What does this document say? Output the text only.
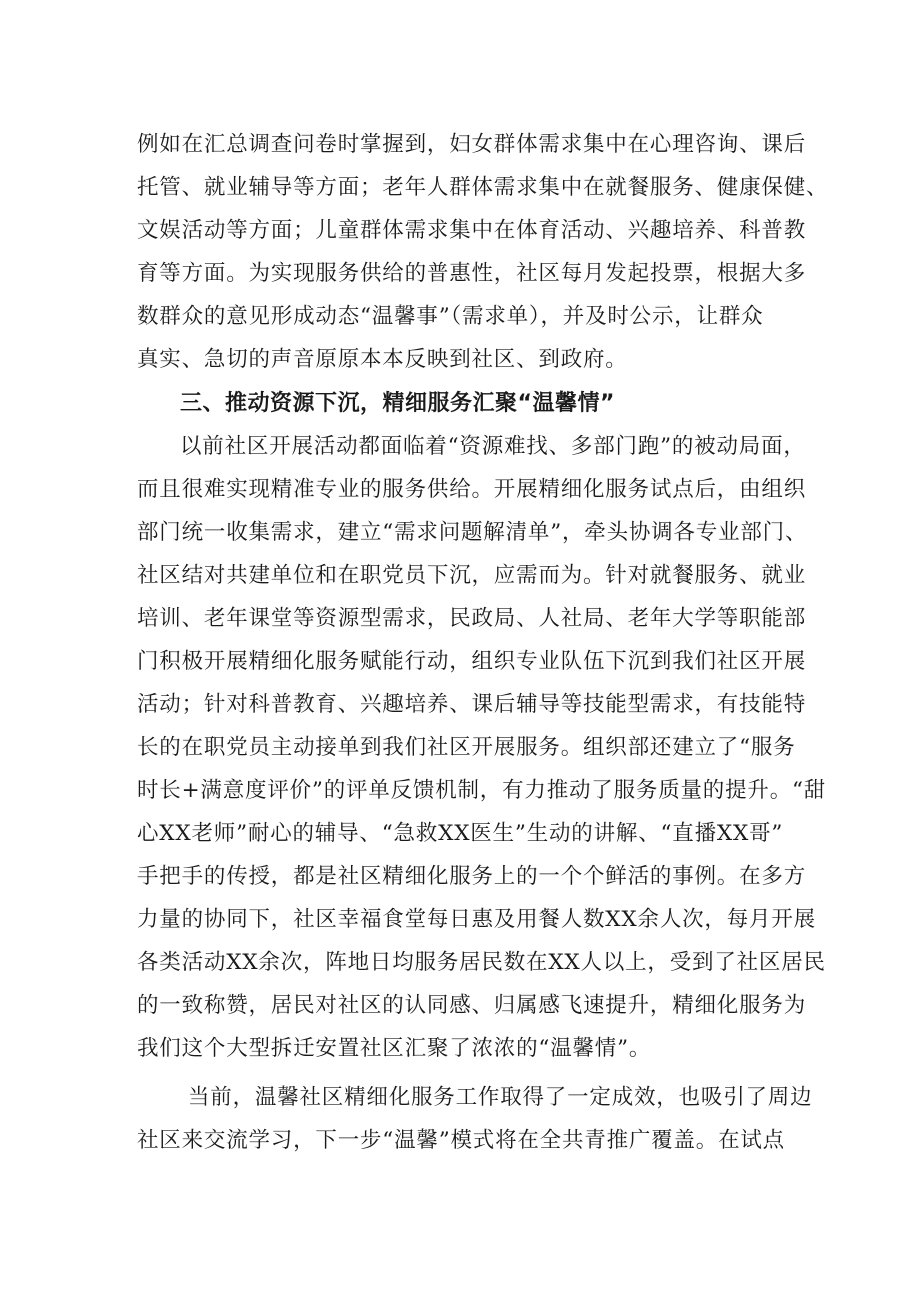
例如在汇总调查问卷时掌握到，妇女群体需求集中在心理咨询、课后
托管、就业辅导等方面；老年人群体需求集中在就餐服务、健康保健、
文娱活动等方面；儿童群体需求集中在体育活动、兴趣培养、科普教
育等方面。为实现服务供给的普惠性，社区每月发起投票，根据大多
数群众的意见形成动态“温馨事”（需求单），并及时公示，让群众
真实、急切的声音原原本本反映到社区、到政府。
三、推动资源下沉，精细服务汇聚“温馨情”
以前社区开展活动都面临着“资源难找、多部门跑”的被动局面，
而且很难实现精准专业的服务供给。开展精细化服务试点后，由组织
部门统一收集需求，建立“需求问题解清单”，牵头协调各专业部门、
社区结对共建单位和在职党员下沉，应需而为。针对就餐服务、就业
培训、老年课堂等资源型需求，民政局、人社局、老年大学等职能部
门积极开展精细化服务赋能行动，组织专业队伍下沉到我们社区开展
活动；针对科普教育、兴趣培养、课后辅导等技能型需求，有技能特
长的在职党员主动接单到我们社区开展服务。组织部还建立了“服务
时长+满意度评价”的评单反馈机制，有力推动了服务质量的提升。“甜
心XX老师”耐心的辅导、“急救XX医生”生动的讲解、“直播XX哥”
手把手的传授，都是社区精细化服务上的一个个鲜活的事例。在多方
力量的协同下，社区幸福食堂每日惠及用餐人数XX余人次，每月开展
各类活动XX余次，阵地日均服务居民数在XX人以上，受到了社区居民
的一致称赞，居民对社区的认同感、归属感飞速提升，精细化服务为
我们这个大型拆迁安置社区汇聚了浓浓的“温馨情”。
当前，温馨社区精细化服务工作取得了一定成效，也吸引了周边
社区来交流学习，下一步“温馨”模式将在全共青推广覆盖。在试点
